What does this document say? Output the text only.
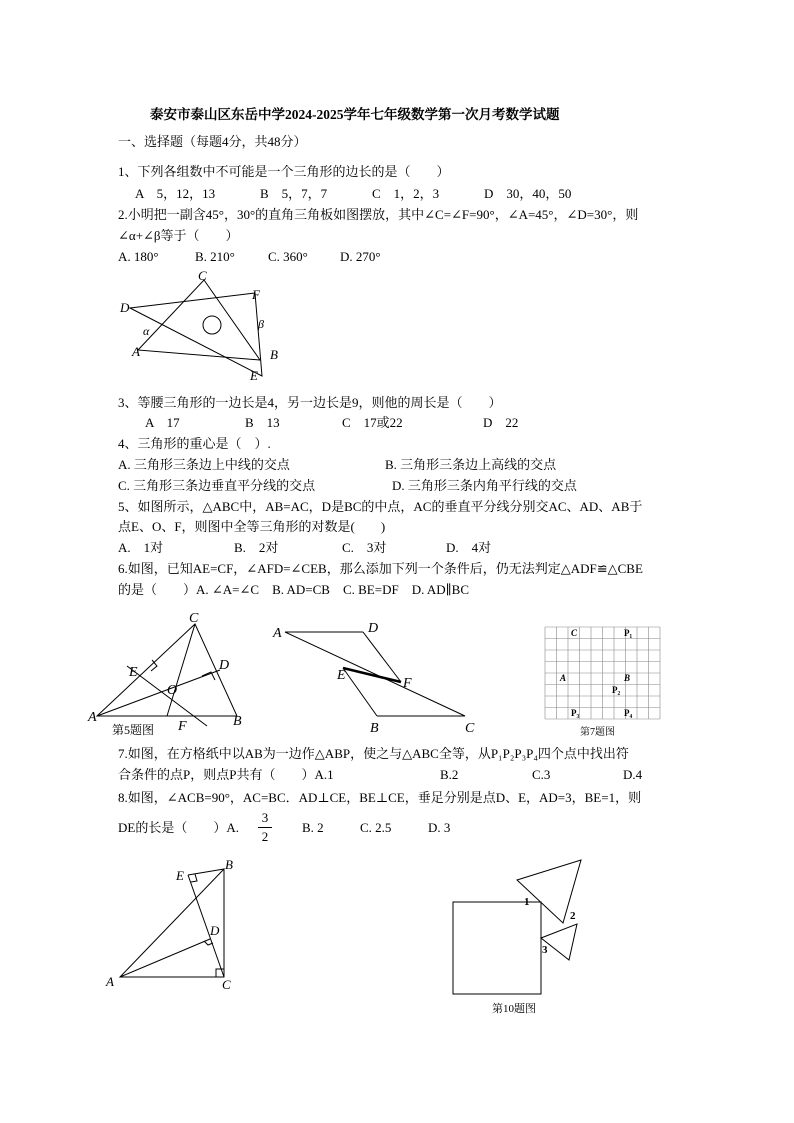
泰安市泰山区东岳中学2024-2025学年七年级数学第一次月考数学试题
一、选择题（每题4分，共48分）
1、下列各组数中不可能是一个三角形的边长的是（　　）
A　5，12，13	B　5，7，7	C　1，2，3	D　30，40，50
2.小明把一副含45°，30°的直角三角板如图摆放，其中∠C=∠F=90°，∠A=45°，∠D=30°，则
∠α+∠β等于（　　）
A. 180°	B. 210°	C. 360° D. 270°
C
F
D
α	β
A	B
E
3、等腰三角形的一边长是4，另一边长是9，则他的周长是（　　）
A　17	B　13	C　17或22	D　22
4、三角形的重心是（　）.
A. 三角形三条边上中线的交点	B. 三角形三条边上高线的交点
C. 三角形三条边垂直平分线的交点	D. 三角形三条内角平行线的交点
5、如图所示，△ABC中，AB=AC，D是BC的中点，AC的垂直平分线分别交AC、AD、AB于
点E、O、F，则图中全等三角形的对数是(　　)
A.　1对	B.　2对	C.　3对	D.　4对
6.如图，已知AE=CF，∠AFD=∠CEB，那么添加下列一个条件后，仍无法判定△ADF≌△CBE
的是（　　）A. ∠A=∠C　B. AD=CB　C. BE=DF　D. AD∥BC
C
E	D
O
A
F	B
第5题图
A	D
E
F
B	C
C	P₁
A	B
P₂
P₃	P₄
第7题图
7.如图，在方格纸中以AB为一边作△ABP，使之与△ABC全等，从P₁P₂P₃P₄四个点中找出符
合条件的点P，则点P共有（　　）A.1	B.2	C.3	D.4
8.如图，∠ACB=90°，AC=BC．AD⊥CE，BE⊥CE，垂足分别是点D、E，AD=3，BE=1，则
DE的长是（　　）A.
3
2
B. 2	C. 2.5	D. 3
E
B
D
A	C
1
2
3
第10题图
